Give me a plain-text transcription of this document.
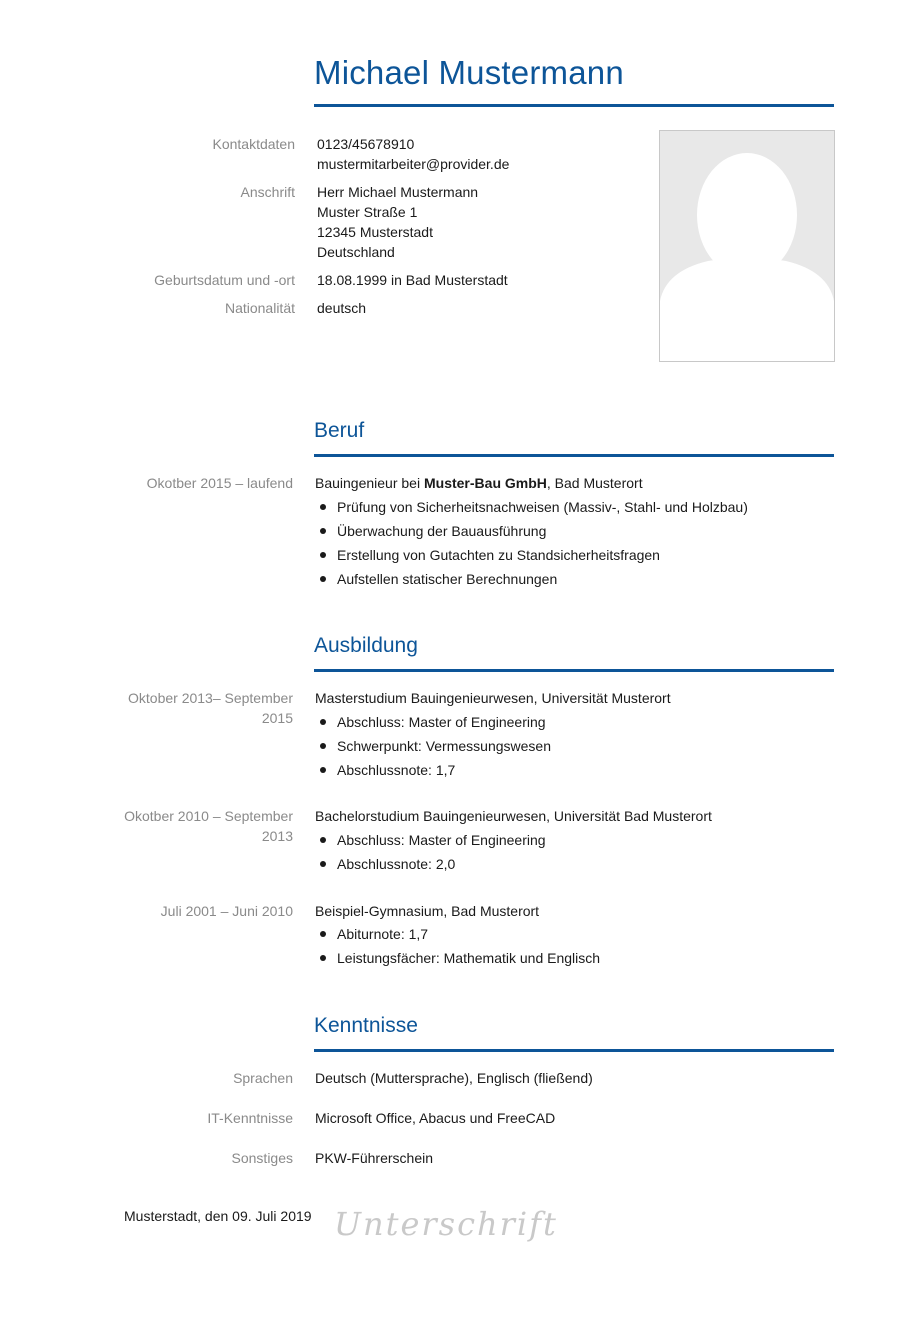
Michael Mustermann
Kontaktdaten 0123/45678910
mustermitarbeiter@provider.de
Anschrift Herr Michael Mustermann
Muster Straße 1
12345 Musterstadt
Deutschland
Geburtsdatum und -ort 18.08.1999 in Bad Musterstadt
Nationalität deutsch
Beruf
Okotber 2015 – laufend Bauingenieur bei Muster-Bau GmbH, Bad Musterort
Prüfung von Sicherheitsnachweisen (Massiv-, Stahl- und Holzbau)
Überwachung der Bauausführung
Erstellung von Gutachten zu Standsicherheitsfragen
Aufstellen statischer Berechnungen
Ausbildung
Oktober 2013– September
2015
Masterstudium Bauingenieurwesen, Universität Musterort
Abschluss: Master of Engineering
Schwerpunkt: Vermessungswesen
Abschlussnote: 1,7
Okotber 2010 – September
2013
Bachelorstudium Bauingenieurwesen, Universität Bad Musterort
Abschluss: Master of Engineering
Abschlussnote: 2,0
Juli 2001 – Juni 2010 Beispiel-Gymnasium, Bad Musterort
Abiturnote: 1,7
Leistungsfächer: Mathematik und Englisch
Kenntnisse
Sprachen Deutsch (Muttersprache), Englisch (fließend)
IT-Kenntnisse Microsoft Office, Abacus und FreeCAD
Sonstiges PKW-Führerschein
Musterstadt, den 09. Juli 2019 Unterschrift
